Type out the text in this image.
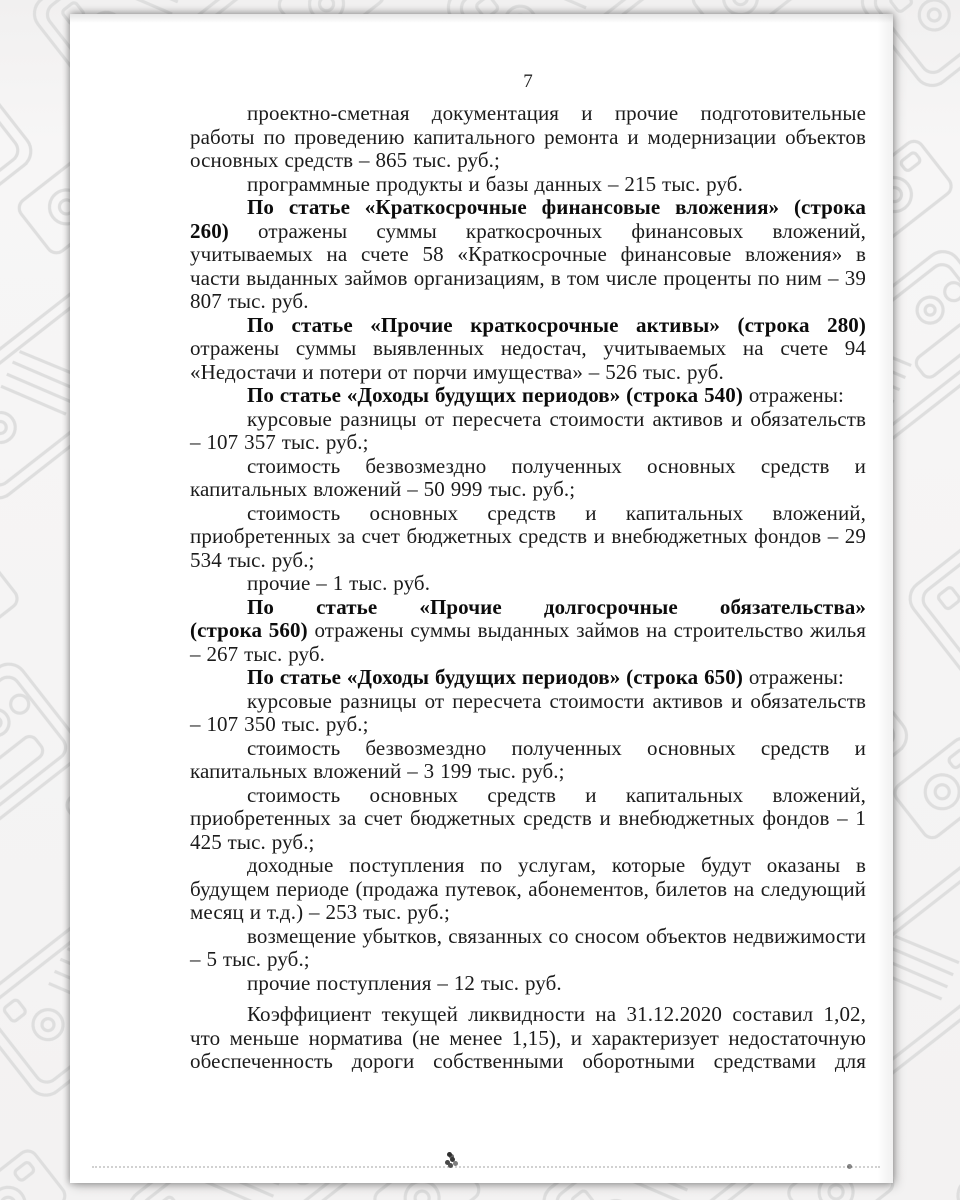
7

проектно-сметная документация и прочие подготовительные работы по проведению капитального ремонта и модернизации объектов основных средств – 865 тыс. руб.;

программные продукты и базы данных – 215 тыс. руб.

По статье «Краткосрочные финансовые вложения» (строка 260) отражены суммы краткосрочных финансовых вложений, учитываемых на счете 58 «Краткосрочные финансовые вложения» в части выданных займов организациям, в том числе проценты по ним – 39 807 тыс. руб.

По статье «Прочие краткосрочные активы» (строка 280) отражены суммы выявленных недостач, учитываемых на счете 94 «Недостачи и потери от порчи имущества» – 526 тыс. руб.

По статье «Доходы будущих периодов» (строка 540) отражены:

курсовые разницы от пересчета стоимости активов и обязательств – 107 357 тыс. руб.;

стоимость безвозмездно полученных основных средств и капитальных вложений – 50 999 тыс. руб.;

стоимость основных средств и капитальных вложений, приобретенных за счет бюджетных средств и внебюджетных фондов – 29 534 тыс. руб.;

прочие – 1 тыс. руб.

По статье «Прочие долгосрочные обязательства» (строка 560) отражены суммы выданных займов на строительство жилья – 267 тыс. руб.

По статье «Доходы будущих периодов» (строка 650) отражены:

курсовые разницы от пересчета стоимости активов и обязательств – 107 350 тыс. руб.;

стоимость безвозмездно полученных основных средств и капитальных вложений – 3 199 тыс. руб.;

стоимость основных средств и капитальных вложений, приобретенных за счет бюджетных средств и внебюджетных фондов – 1 425 тыс. руб.;

доходные поступления по услугам, которые будут оказаны в будущем периоде (продажа путевок, абонементов, билетов на следующий месяц и т.д.) – 253 тыс. руб.;

возмещение убытков, связанных со сносом объектов недвижимости – 5 тыс. руб.;

прочие поступления – 12 тыс. руб.

Коэффициент текущей ликвидности на 31.12.2020 составил 1,02, что меньше норматива (не менее 1,15), и характеризует недостаточную обеспеченность дороги собственными оборотными средствами для
